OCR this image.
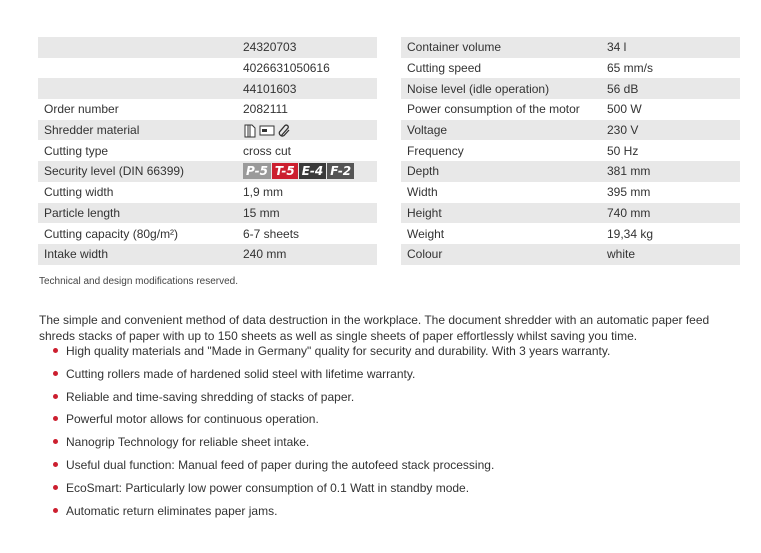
	24320703
	4026631050616
	44101603
Order number	2082111
Shredder material	

Cutting type	cross cut
Security level (DIN 66399)	P-5 T-5 E-4 F-2

Cutting width	1,9 mm
Particle length	15 mm
Cutting capacity (80g/m²)	6-7 sheets
Intake width	240 mm
Container volume	34 l
Cutting speed	65 mm/s
Noise level (idle operation)	56 dB
Power consumption of the motor	500 W
Voltage	230 V
Frequency	50 Hz
Depth	381 mm
Width	395 mm
Height	740 mm
Weight	19,34 kg
Colour	white
Technical and design modifications reserved.
The simple and convenient method of data destruction in the workplace. The document shredder with an automatic paper feed shreds stacks of paper with up to 150 sheets as well as single sheets of paper effortlessly whilst saving you time.
High quality materials and "Made in Germany" quality for security and durability. With 3 years warranty.
Cutting rollers made of hardened solid steel with lifetime warranty.
Reliable and time-saving shredding of stacks of paper.
Powerful motor allows for continuous operation.
Nanogrip Technology for reliable sheet intake.
Useful dual function: Manual feed of paper during the autofeed stack processing.
EcoSmart: Particularly low power consumption of 0.1 Watt in standby mode.
Automatic return eliminates paper jams.
